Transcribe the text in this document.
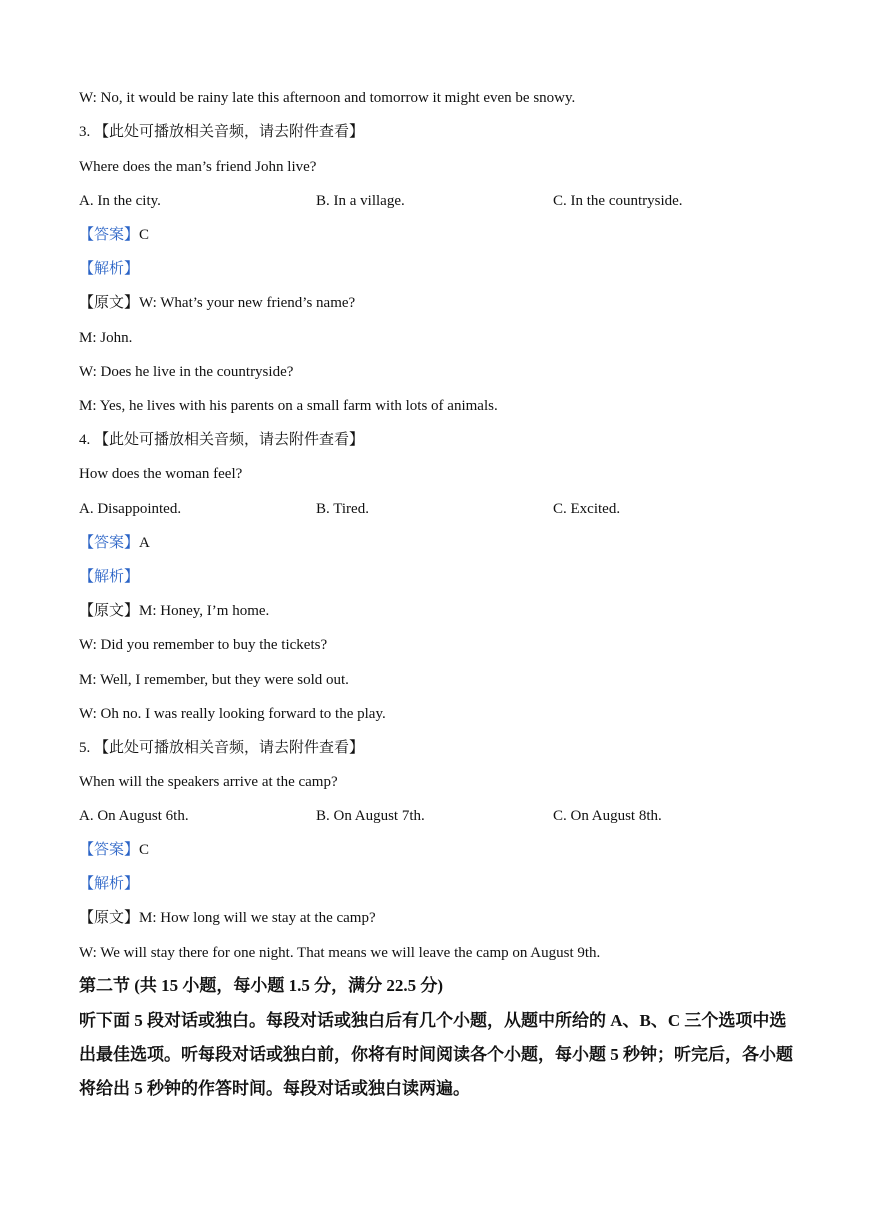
W: No, it would be rainy late this afternoon and tomorrow it might even be snowy.

3. 【此处可播放相关音频，请去附件查看】

Where does the man’s friend John live?

A. In the city.	B. In a village.	C. In the countryside.

【答案】C

【解析】

【原文】W: What’s your new friend’s name?

M: John.

W: Does he live in the countryside?

M: Yes, he lives with his parents on a small farm with lots of animals.

4. 【此处可播放相关音频，请去附件查看】

How does the woman feel?

A. Disappointed.	B. Tired.	C. Excited.

【答案】A

【解析】

【原文】M: Honey, I’m home.

W: Did you remember to buy the tickets?

M: Well, I remember, but they were sold out.

W: Oh no. I was really looking forward to the play.

5. 【此处可播放相关音频，请去附件查看】

When will the speakers arrive at the camp?

A. On August 6th.	B. On August 7th.	C. On August 8th.

【答案】C

【解析】

【原文】M: How long will we stay at the camp?

W: We will stay there for one night. That means we will leave the camp on August 9th.

第二节 (共 15 小题，每小题 1.5 分，满分 22.5 分)

听下面 5 段对话或独白。每段对话或独白后有几个小题，从题中所给的 A、B、C 三个选项中选出最佳选项。听每段对话或独白前，你将有时间阅读各个小题，每小题 5 秒钟；听完后，各小题将给出 5 秒钟的作答时间。每段对话或独白读两遍。
